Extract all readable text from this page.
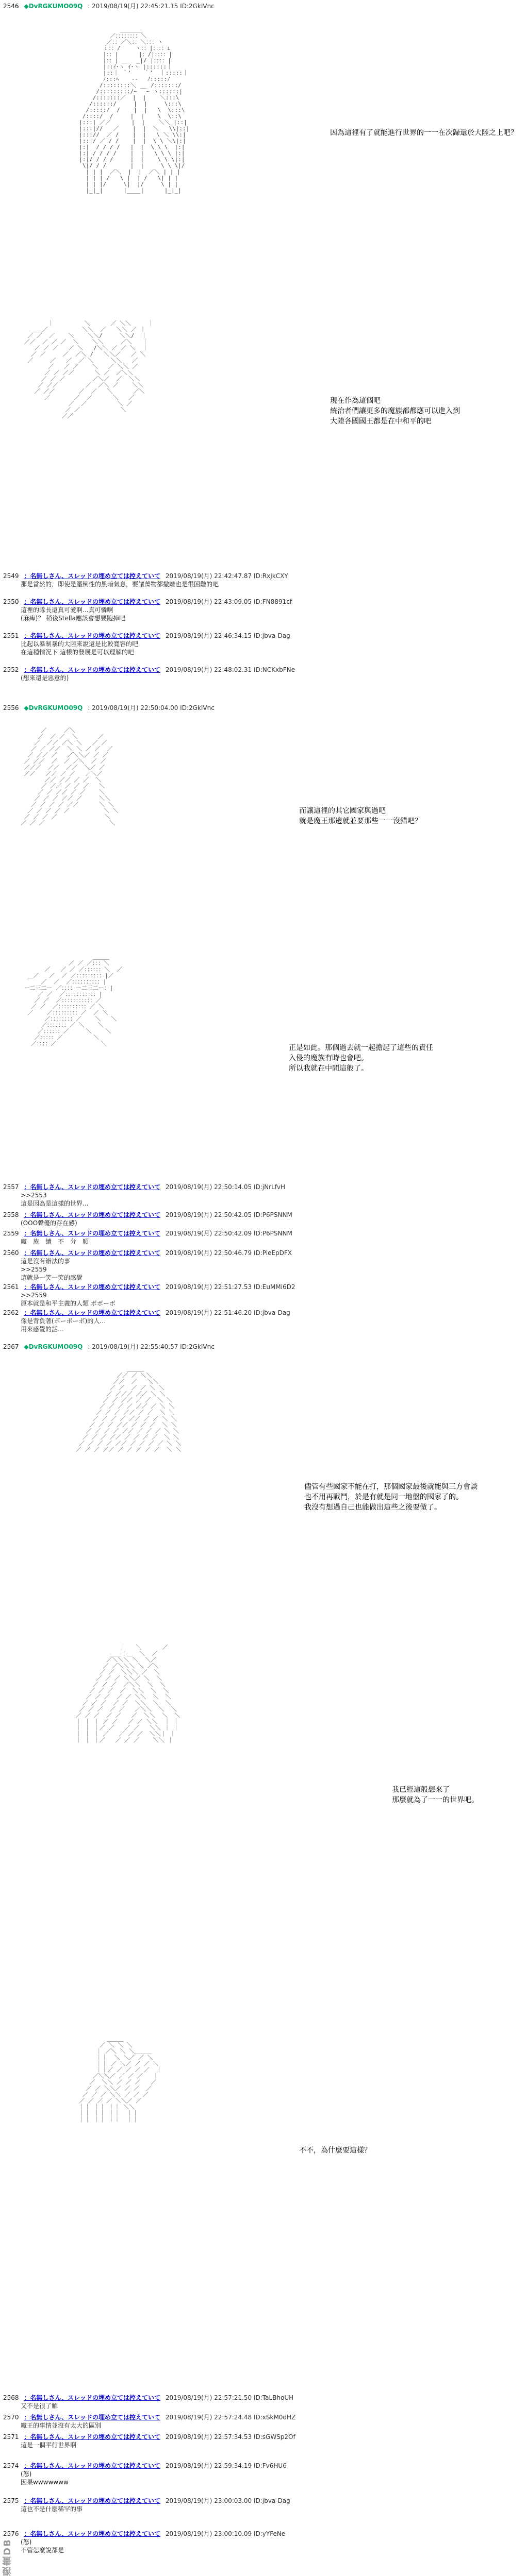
2546 ◆DvRGKUMO09Q : 2019/08/19(月) 22:45:21.15 ID:2GkIVnc

＿＿＿＿
／：：：：：：：：＼
／：：／＼：：＼：：：ヽ
ｉ：：/　　 ヽ：：|：：：：i
|：：|　　　 |：/|：：：：|
|：：| ＿　 _|/ |：：：：|
|::ｲ･ヽ ｲ･ヽ |::::::｜
|::｜ ｀'　  ｀'  ｜:::::｜
ﾉ:::ﾍ 　 ‐‐ 　ﾉ:::::ﾉ
/::::::::＼ 　　/:::::::/
/:::::::::/~ ￣~ ヽ::::::|
/:::::::／  |  |    ＼:::\
/::::::/     |  |     \:::\
/:::::/  /    |  |   \  \:::\
/::::/  /     |  |    \  \::\
|:::| ／／      |  |    ＼＼ |::|
|:::|//   ／    |  |  ＼   \\|::|
|::://  ／ /    |  |   \ ＼ \\:|
|::|/ ／ / /    |  |  \ \ ＼\|:|
|:|  / / / /   |  |  \ \ \  |:|
|:| / / / /    |  |   \ \ \ |:|
|:|/ / / /     |  |    \ \ \|:|
\|/ / /       |  |     \ \ \|/
| | |  ／＼  |  |  ／＼ | | |
| | | /   \ |  | /   \| | |
| | |/     \|  |/     \ | |
|_|_|      |____|      |_|_|

因為這裡有了就能進行世界的一一在次歸還於大陸之上吧？

｜         ＼      ／ ＼＼     ｜
＿＿／          ＼＼  ／   ＼＼ ／ ｜
／ ／  ／    ＼    ＼＼/     ＼＼/  ｜
／／  ／ ／ ／  ＼    ＼＼     ／＼   ｜
／ ／ ／   ／ ＼   /＼＼ ／ ／ ＼  ｜
／ ／     ／  ／＼ /   ＼＼／   ／ ＼
／     ／   ／  ／ ＼     ＼＼   ／
／   ／ ／    ＼   ／ ＼＼ ／
／ ／ ／／      ＼ ／  ／＼＼
／ ／ ／        ／＼／  ／  ＼＼
／ ／／        ／  ／＼ ／    ＼＼
／ ／／       ／  ／   ＼      ／＼
／       ／  ／      ＼   ／
／  ／         ＼ ／
／ ／            ＼
／／

現在作為這個吧
統治者們讓更多的魔族都都應可以進入到
大陸各國國王都是在中和平的吧
2549 ：名無しさん、スレッドの埋め立ては控えていて 2019/08/19(月) 22:42:47.87 ID:RxJkCXY
那是當然的，即使是壓倒性的黑暗氣息，要讓萬物都撤離也是很困難的吧
2550 ：名無しさん、スレッドの埋め立ては控えていて 2019/08/19(月) 22:43:09.05 ID:FN8891cf
這裡的隊長還真可愛啊...真可憐啊
(麻痺)？ 稍後Stella應該會想要跑掉吧
2551 ：名無しさん、スレッドの埋め立ては控えていて 2019/08/19(月) 22:46:34.15 ID:jbva-Dag
比起以暴制暴的大陸來說還是比較寬容的吧
在這種情況下 這樣的發展是可以理解的吧
2552 ：名無しさん、スレッドの埋め立ては控えていて 2019/08/19(月) 22:48:02.31 ID:NCKxbFNe
(想來還是惡意的)
2556 ◆DvRGKUMO09Q : 2019/08/19(月) 22:50:04.00 ID:2GkIVnc

／     ／＼
／  ／ ／  ＼      ／
／  ／／ ／＼ ＼   ／ ／
／ ／ ／／  ＼ ＼ ／ ／  ／
／ ／／ ／   ／＼＼／ ／ ／
／ ／／  ／  ／ ／＼  ／ ／
／／／  ／／  ／／  ＼／ ／
／／   ／／ ／ ／   ／＼／
／／ ／／ ／ ／  ＼
／ ／／ ／ ／ ／   ＼
／ ／ ／／ ／ ／    ＼
／ ／ ／ ／／ ／     ＼＼
／ ／ ／ ／ ／／      ＼ ＼
／ ／ ／ ／ ／          ＼ ＼
／ ／ ／ ／              ＼
／ ／ ／                   ＼

而讓這裡的其它國家與過吧
就是魔王那邊就並要那些一一沒錯吧？

＿＿＿
／ ／ ／：：：＼
／   ／ ／ ／：：：：：：＼  ／
＿／   ／  ／ ／：：：：：：：：：|／
／  ／  ／：：：：：：：：：：|
ー二三二ー ／：：：：ー二三二ー：|
／ ／  ／：：：：：：：：：：：|
／ ／  ／：：：：：：：：：：：／
／ ／  ／：：：：：：：：：：／ ＼
／    ／：：：：：：：：：／  ／ ＼
／：：：：：：：：／    ＼   ＼
／：：：：：：：／ ＼    ＼
／：：：：：：／     ＼    ＼
／：：：：：／         ＼
／：：：：／             ＼

正是如此。那個過去就一起擔起了這些的責任
入侵的魔族有時也會吧。
所以我就在中間這般了。
2557 ：名無しさん、スレッドの埋め立ては控えていて 2019/08/19(月) 22:50:14.05 ID:jNrLfvH
>>2553
這是因為是這樣的世界...
2558 ：名無しさん、スレッドの埋め立ては控えていて 2019/08/19(月) 22:50:42.05 ID:P6PSNNM
(OOO聲優的存在感)
2559 ：名無しさん、スレッドの埋め立ては控えていて 2019/08/19(月) 22:50:42.09 ID:P6PSNNM
魔　族　續　不　分　順
2560 ：名無しさん、スレッドの埋め立ては控えていて 2019/08/19(月) 22:50:46.79 ID:PieEpDFX
這是沒有辦法的事
>>2559
這就是一笑一笑的感覺
2561 ：名無しさん、スレッドの埋め立ては控えていて 2019/08/19(月) 22:51:27.53 ID:EuMMi6D2
>>2559
原本就是和平主義的人類 ボボーボ
2562 ：名無しさん、スレッドの埋め立ては控えていて 2019/08/19(月) 22:51:46.20 ID:jbva-Dag
像是背負著(ボーボーボ)的人…
用來感覺的話…
2567 ◆DvRGKUMO09Q : 2019/08/19(月) 22:55:40.57 ID:2GkIVnc

＿＿＿
／／ ／ ＼＼
／／  ／   ＼＼
／ ／  ／ ／ ＼ ＼
／ ／／／ ／／ ＼ ＼
／ ／ ／／ ／ ／  ＼ ＼
／ ／ ／ ／ ／／ ／ ＼ ＼
／ ／ ／ ／／ ／ ／  ＼ ＼
／ ／ ／ ／ ／／ ／ ／ ＼ ＼
／ ／ ／ ／／ ／ ／ ／  ＼ ＼
／ ／ ／ ／ ／／ ／ ／ ／ ＼ ＼
／ ／ ／ ／／ ／ ／ ／ ／  ＼ ＼
／ ／ ／ ／ ／／ ／ ／ ／ ／ ＼ ＼
／ ／ ／ ／／ ／ ／ ／ ／ ／  ＼ ＼

儘管有些國家不能在打，那個國家最後就能與三方會談
也不用再戰鬥，於是有就是同一地盤的國家了的。
我沒有想過自己也能做出這些之後要做了。

｜   ＼      ／
＿＿｜＿  ＼  ／
／＼＼＼ ＼  ＼／
／ ／＼＼＼ ＼ ／＼
／ ／  ＼＼＼ ／  ＼
／ ／ ／ ＼＼／ ＼  ＼
／ ／ ／  ／＼＼  ＼  ＼
／ ／ ／  ／  ＼＼  ＼  ＼
／ ／ ／  ／ ／ ＼＼  ＼  ＼
／ ／ ／  ／ ／  ＼＼  ＼  ＼
／ ／ ／  ／ ／   ／＼＼  ＼  ＼
／ ／ ／  ／ ／   ／  ＼＼  ＼  ＼
｜ ｜ ｜ ／ ／   ／ ／ ＼＼  ｜ ｜
｜ ｜ ｜／ ／   ／ ／   ＼＼ ｜ ｜
｜ ｜ ｜ ／   ／ ／ ／  ＼＼｜ ｜
｜ ｜ ｜／   ／ ／ ／    ＼＼ ｜

我已經這般想來了
那麼就為了一一的世界吧。

＿＿＿
／ ＼ ＼ ＼
｜ ／＼ ＼ ＼＿＿＿
｜｜  ＼ ＼／ ／ ＼
｜｜ ／ ＼／ ／ ／ ＼
｜｜／ ／ ／ ／ ／  ｜
／＼＼／ ／ ／ ／   ｜
／  ＼＼ ／ ／ ／   ／
／ ／ ＼＼／ ／ ／  ／
／ ／ ／ ＼＼ ／ ／ ／
／ ／ ／ ／ ＼＼／ ／
｜｜ ｜｜ ｜｜ ＼＼
｜｜ ｜｜ ｜｜  ｜｜
｜｜ ｜｜ ｜｜  ｜｜

不不，為什麼要這樣？
2568 ：名無しさん、スレッドの埋め立ては控えていて 2019/08/19(月) 22:57:21.50 ID:TaLBhoUH
又不是很了解
2570 ：名無しさん、スレッドの埋め立ては控えていて 2019/08/19(月) 22:57:24.48 ID:xSkM0dHZ
魔王的事情並沒有太大的區別
2571 ：名無しさん、スレッドの埋め立ては控えていて 2019/08/19(月) 22:57:34.53 ID:sGWSp2Of
這是一個平行世界啊
2574 ：名無しさん、スレッドの埋め立ては控えていて 2019/08/19(月) 22:59:34.19 ID:Fv6HU6
(怒)
因果wwwwwww
2575 ：名無しさん、スレッドの埋め立ては控えていて 2019/08/19(月) 23:00:03.00 ID:jbva-Dag
這也不是什麼稀罕的事
2576 ：名無しさん、スレッドの埋め立ては控えていて 2019/08/19(月) 23:00:10.09 ID:yYFeNe
(怒)
不管怎麼說都是
漫畫DB
